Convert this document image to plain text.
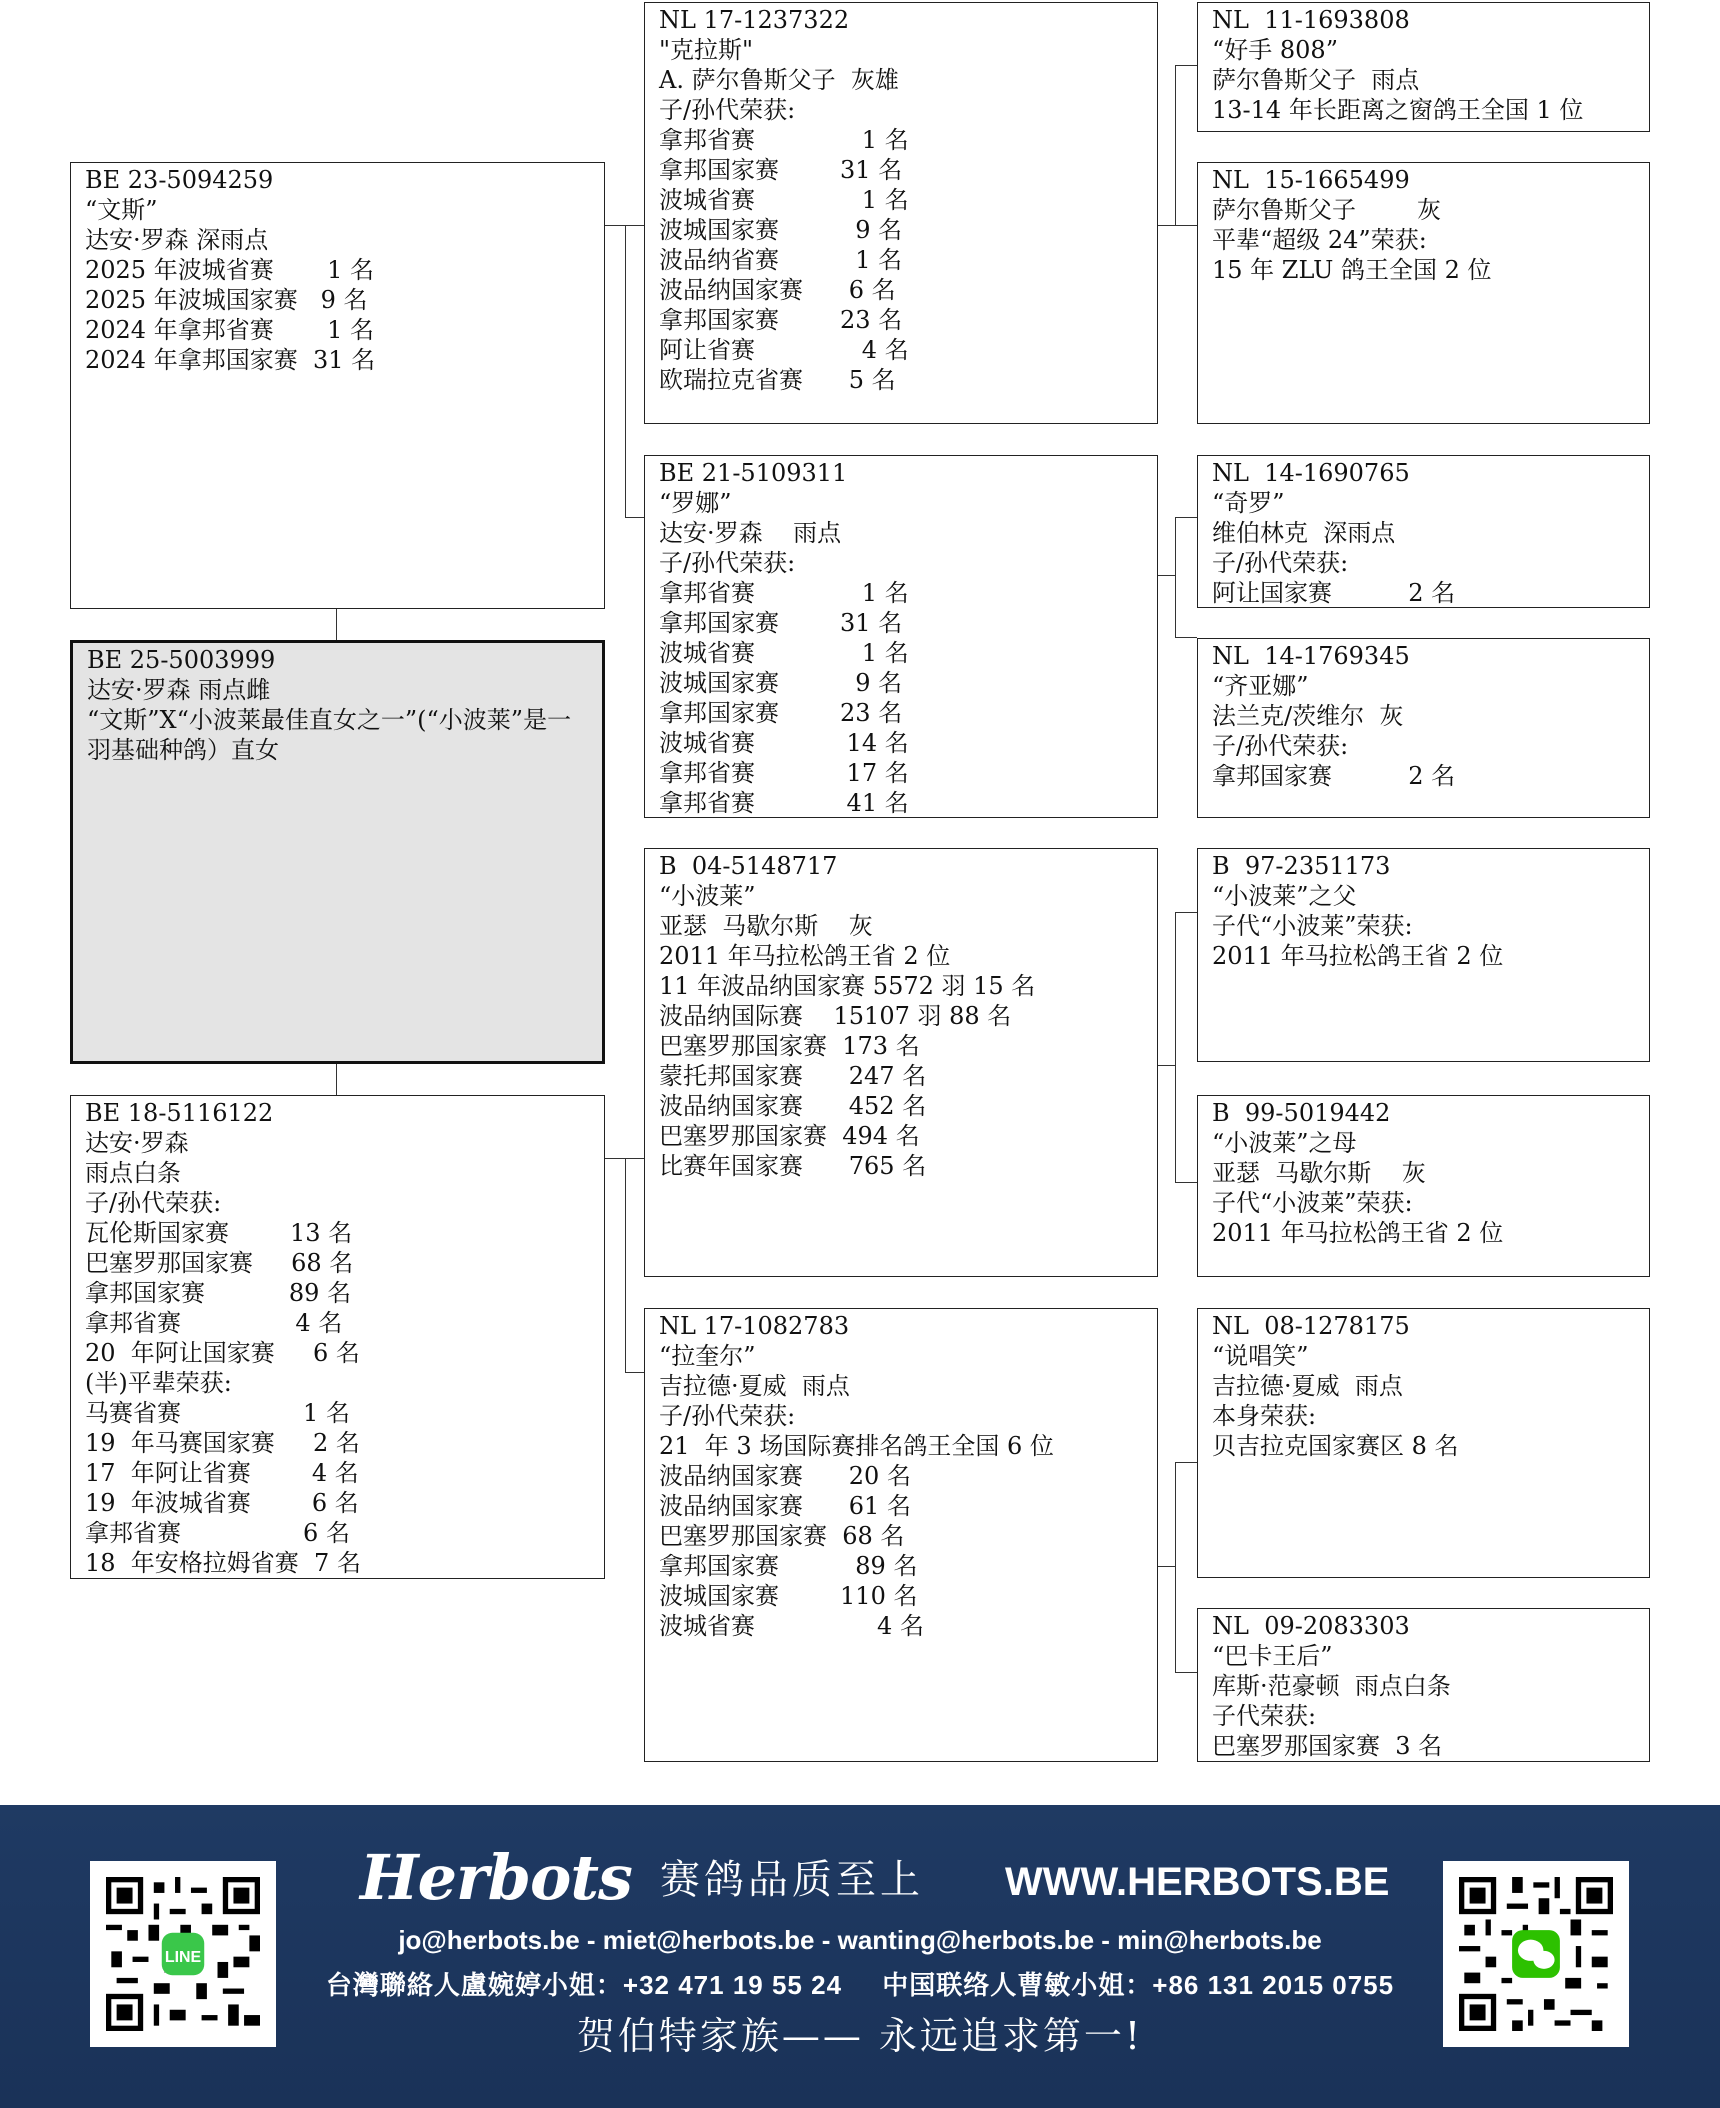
BE 23-5094259
“文斯”
达安·罗森 深雨点
2025 年波城省赛       1 名
2025 年波城国家赛   9 名
2024 年拿邦省赛       1 名
2024 年拿邦国家赛  31 名
BE 25-5003999
达安·罗森 雨点雌
“文斯”X“小波莱最佳直女之一”(“小波莱”是一羽基础种鸽）直女
BE 18-5116122
达安·罗森
雨点白条
子/孙代荣获:
瓦伦斯国家赛        13 名
巴塞罗那国家赛     68 名
拿邦国家赛           89 名
拿邦省赛               4 名
20  年阿让国家赛     6 名
(半)平辈荣获:
马赛省赛                1 名
19  年马赛国家赛     2 名
17  年阿让省赛        4 名
19  年波城省赛        6 名
拿邦省赛                6 名
18  年安格拉姆省赛  7 名
NL 17-1237322
"克拉斯"
A. 萨尔鲁斯父子  灰雄
子/孙代荣获:
拿邦省赛              1 名
拿邦国家赛        31 名
波城省赛              1 名
波城国家赛          9 名
波品纳省赛          1 名
波品纳国家赛      6 名
拿邦国家赛        23 名
阿让省赛              4 名
欧瑞拉克省赛      5 名
BE 21-5109311
“罗娜”
达安·罗森    雨点
子/孙代荣获:
拿邦省赛              1 名
拿邦国家赛        31 名
波城省赛              1 名
波城国家赛          9 名
拿邦国家赛        23 名
波城省赛            14 名
拿邦省赛            17 名
拿邦省赛            41 名
B  04-5148717
“小波莱”
亚瑟  马歇尔斯    灰
2011 年马拉松鸽王省 2 位
11 年波品纳国家赛 5572 羽 15 名
波品纳国际赛    15107 羽 88 名
巴塞罗那国家赛  173 名
蒙托邦国家赛      247 名
波品纳国家赛      452 名
巴塞罗那国家赛  494 名
比赛年国家赛      765 名
NL 17-1082783
“拉奎尔”
吉拉德·夏威  雨点
子/孙代荣获:
21  年 3 场国际赛排名鸽王全国 6 位
波品纳国家赛      20 名
波品纳国家赛      61 名
巴塞罗那国家赛  68 名
拿邦国家赛          89 名
波城国家赛        110 名
波城省赛                4 名
NL  11-1693808
“好手 808”
萨尔鲁斯父子  雨点
13-14 年长距离之窗鸽王全国 1 位
NL  15-1665499
萨尔鲁斯父子        灰
平辈“超级 24”荣获:
15 年 ZLU 鸽王全国 2 位
NL  14-1690765
“奇罗”
维伯林克  深雨点
子/孙代荣获:
阿让国家赛          2 名
NL  14-1769345
“齐亚娜”
法兰克/茨维尔  灰
子/孙代荣获:
拿邦国家赛          2 名
B  97-2351173
“小波莱”之父
子代“小波莱”荣获:
2011 年马拉松鸽王省 2 位
B  99-5019442
“小波莱”之母
亚瑟  马歇尔斯    灰
子代“小波莱”荣获:
2011 年马拉松鸽王省 2 位
NL  08-1278175
“说唱笑”
吉拉德·夏威  雨点
本身荣获:
贝吉拉克国家赛区 8 名
NL  09-2083303
“巴卡王后”
库斯·范豪顿  雨点白条
子代荣获:
巴塞罗那国家赛  3 名
LINE
Herbots 赛鸽品质至上 WWW.HERBOTS.BE
jo@herbots.be - miet@herbots.be - wanting@herbots.be - min@herbots.be
台灣聯絡人盧婉婷小姐：+32 471 19 55 24 中国联络人曹敏小姐：+86 131 2015 0755
贺伯特家族—— 永远追求第一!
